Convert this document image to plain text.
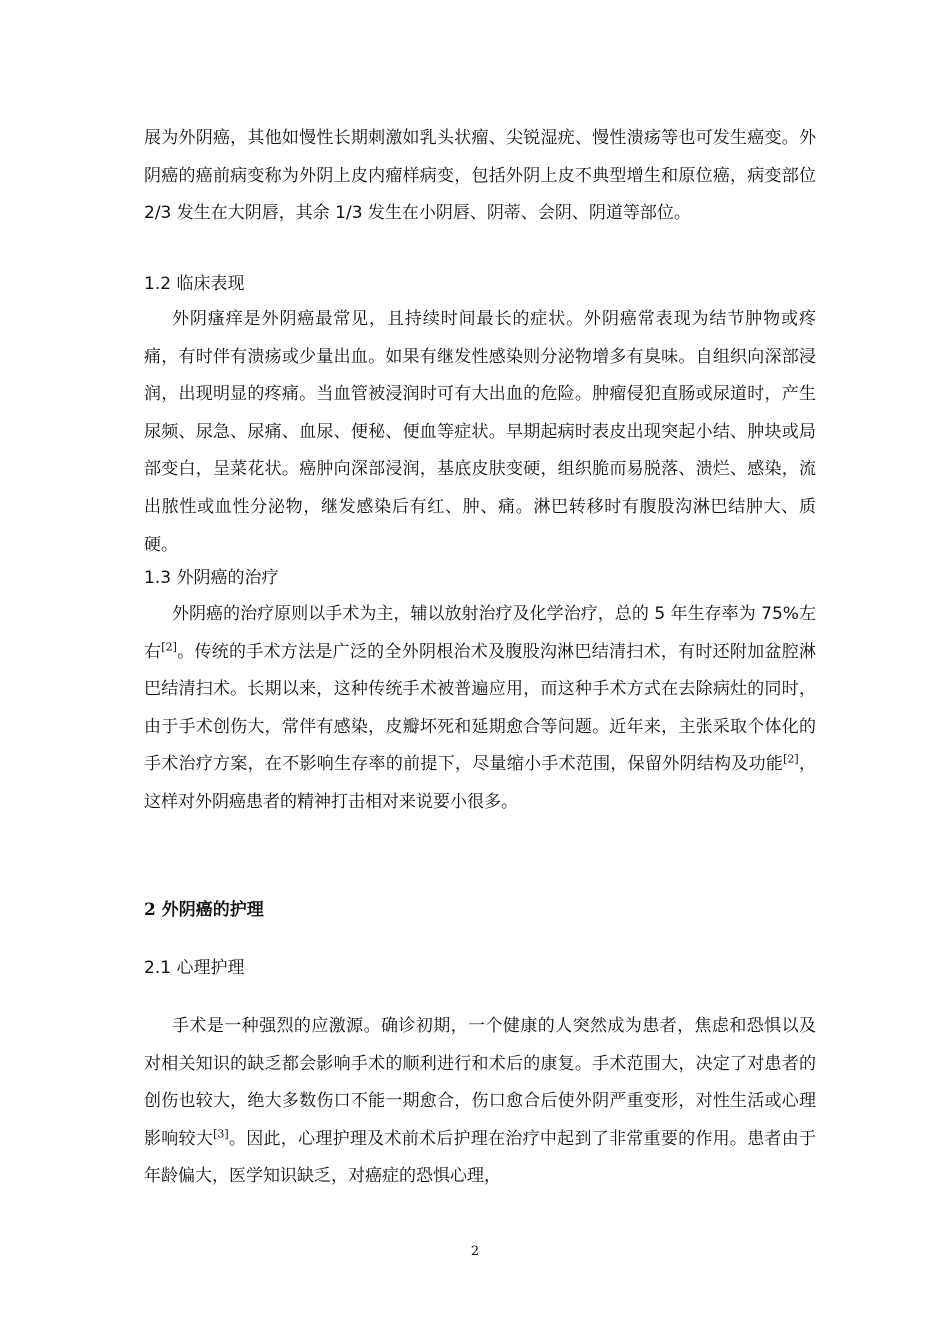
展为外阴癌，其他如慢性长期刺激如乳头状瘤、尖锐湿疣、慢性溃疡等也可发生癌变。外阴癌的癌前病变称为外阴上皮内瘤样病变，包括外阴上皮不典型增生和原位癌，病变部位 2/3 发生在大阴唇，其余 1/3 发生在小阴唇、阴蒂、会阴、阴道等部位。

1.2 临床表现

外阴瘙痒是外阴癌最常见，且持续时间最长的症状。外阴癌常表现为结节肿物或疼痛，有时伴有溃疡或少量出血。如果有继发性感染则分泌物增多有臭味。自组织向深部浸润，出现明显的疼痛。当血管被浸润时可有大出血的危险。肿瘤侵犯直肠或尿道时，产生尿频、尿急、尿痛、血尿、便秘、便血等症状。早期起病时表皮出现突起小结、肿块或局部变白，呈菜花状。癌肿向深部浸润，基底皮肤变硬，组织脆而易脱落、溃烂、感染，流出脓性或血性分泌物，继发感染后有红、肿、痛。淋巴转移时有腹股沟淋巴结肿大、质硬。

1.3 外阴癌的治疗

外阴癌的治疗原则以手术为主，辅以放射治疗及化学治疗，总的 5 年生存率为 75%左右[2]。传统的手术方法是广泛的全外阴根治术及腹股沟淋巴结清扫术，有时还附加盆腔淋巴结清扫术。长期以来，这种传统手术被普遍应用，而这种手术方式在去除病灶的同时，由于手术创伤大，常伴有感染，皮瓣坏死和延期愈合等问题。近年来，主张采取个体化的手术治疗方案，在不影响生存率的前提下，尽量缩小手术范围，保留外阴结构及功能[2]，这样对外阴癌患者的精神打击相对来说要小很多。

2 外阴癌的护理

2.1 心理护理

手术是一种强烈的应激源。确诊初期，一个健康的人突然成为患者，焦虑和恐惧以及对相关知识的缺乏都会影响手术的顺利进行和术后的康复。手术范围大，决定了对患者的创伤也较大，绝大多数伤口不能一期愈合，伤口愈合后使外阴严重变形，对性生活或心理影响较大[3]。因此，心理护理及术前术后护理在治疗中起到了非常重要的作用。患者由于年龄偏大，医学知识缺乏，对癌症的恐惧心理，

2
